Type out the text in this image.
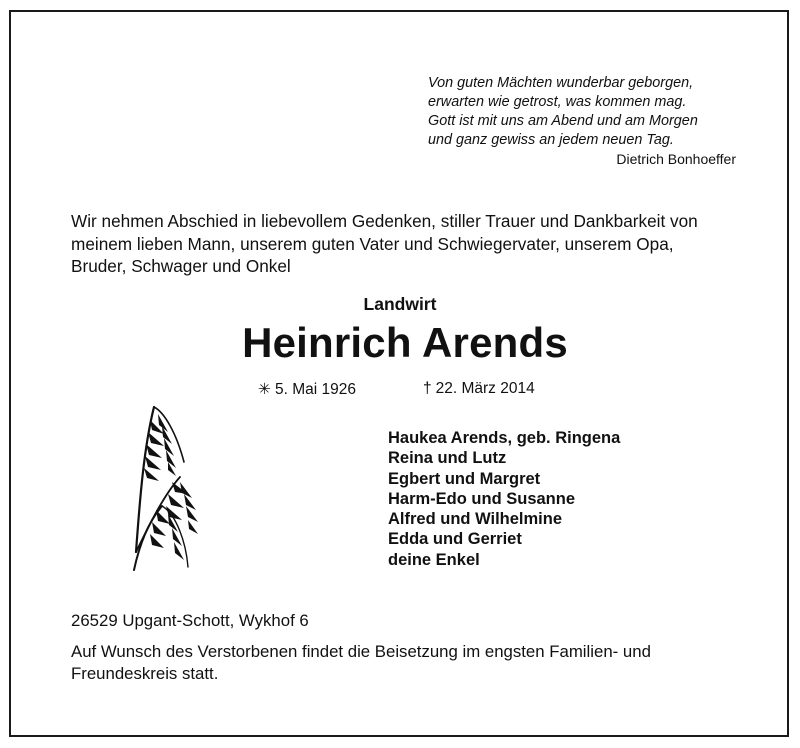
Von guten Mächten wunderbar geborgen,
erwarten wie getrost, was kommen mag.
Gott ist mit uns am Abend und am Morgen
und ganz gewiss an jedem neuen Tag.
Dietrich Bonhoeffer
Wir nehmen Abschied in liebevollem Gedenken, stiller Trauer und Dankbarkeit von
meinem lieben Mann, unserem guten Vater und Schwiegervater, unserem Opa,
Bruder, Schwager und Onkel
Landwirt
Heinrich Arends
✳ 5. Mai 1926	† 22. März 2014
Haukea Arends, geb. Ringena
Reina und Lutz
Egbert und Margret
Harm-Edo und Susanne
Alfred und Wilhelmine
Edda und Gerriet
deine Enkel
26529 Upgant-Schott, Wykhof 6
Auf Wunsch des Verstorbenen findet die Beisetzung im engsten Familien- und
Freundeskreis statt.
